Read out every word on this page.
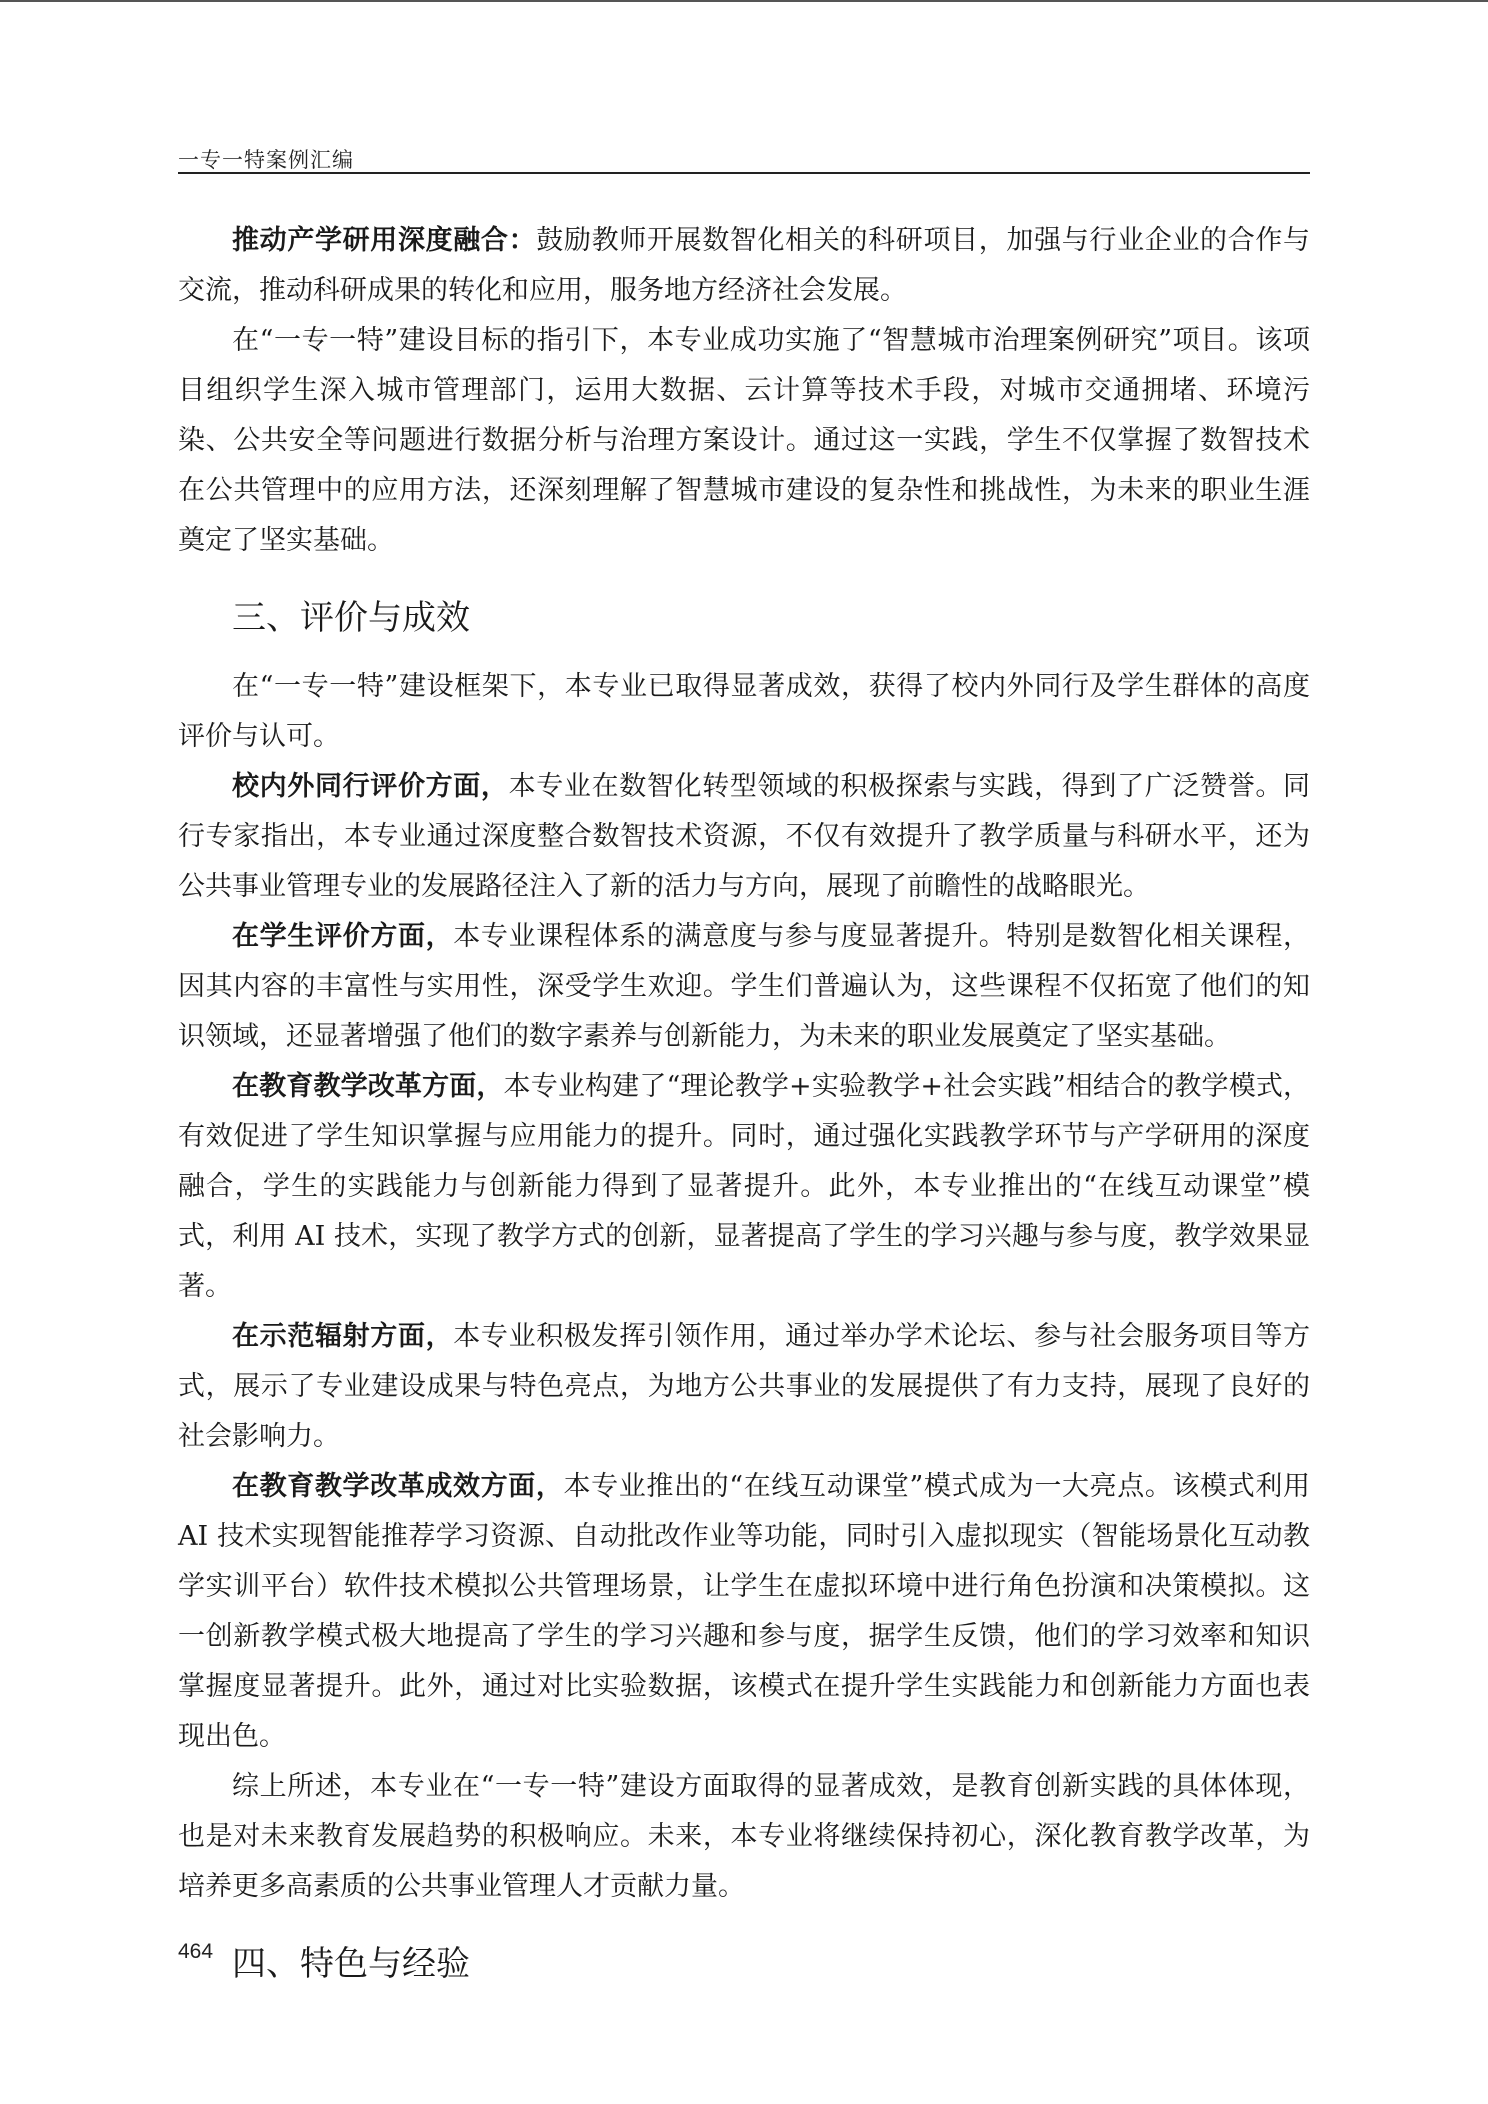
一专一特案例汇编

推动产学研用深度融合：鼓励教师开展数智化相关的科研项目，加强与行业企业的合作与交流，推动科研成果的转化和应用，服务地方经济社会发展。

在“一专一特”建设目标的指引下，本专业成功实施了“智慧城市治理案例研究”项目。该项目组织学生深入城市管理部门，运用大数据、云计算等技术手段，对城市交通拥堵、环境污染、公共安全等问题进行数据分析与治理方案设计。通过这一实践，学生不仅掌握了数智技术在公共管理中的应用方法，还深刻理解了智慧城市建设的复杂性和挑战性，为未来的职业生涯奠定了坚实基础。

三、评价与成效

在“一专一特”建设框架下，本专业已取得显著成效，获得了校内外同行及学生群体的高度评价与认可。

校内外同行评价方面，本专业在数智化转型领域的积极探索与实践，得到了广泛赞誉。同行专家指出，本专业通过深度整合数智技术资源，不仅有效提升了教学质量与科研水平，还为公共事业管理专业的发展路径注入了新的活力与方向，展现了前瞻性的战略眼光。

在学生评价方面，本专业课程体系的满意度与参与度显著提升。特别是数智化相关课程，因其内容的丰富性与实用性，深受学生欢迎。学生们普遍认为，这些课程不仅拓宽了他们的知识领域，还显著增强了他们的数字素养与创新能力，为未来的职业发展奠定了坚实基础。

在教育教学改革方面，本专业构建了“理论教学+实验教学+社会实践”相结合的教学模式，有效促进了学生知识掌握与应用能力的提升。同时，通过强化实践教学环节与产学研用的深度融合，学生的实践能力与创新能力得到了显著提升。此外，本专业推出的“在线互动课堂”模式，利用 AI 技术，实现了教学方式的创新，显著提高了学生的学习兴趣与参与度，教学效果显著。

在示范辐射方面，本专业积极发挥引领作用，通过举办学术论坛、参与社会服务项目等方式，展示了专业建设成果与特色亮点，为地方公共事业的发展提供了有力支持，展现了良好的社会影响力。

在教育教学改革成效方面，本专业推出的“在线互动课堂”模式成为一大亮点。该模式利用 AI 技术实现智能推荐学习资源、自动批改作业等功能，同时引入虚拟现实（智能场景化互动教学实训平台）软件技术模拟公共管理场景，让学生在虚拟环境中进行角色扮演和决策模拟。这一创新教学模式极大地提高了学生的学习兴趣和参与度，据学生反馈，他们的学习效率和知识掌握度显著提升。此外，通过对比实验数据，该模式在提升学生实践能力和创新能力方面也表现出色。

综上所述，本专业在“一专一特”建设方面取得的显著成效，是教育创新实践的具体体现，也是对未来教育发展趋势的积极响应。未来，本专业将继续保持初心，深化教育教学改革，为培养更多高素质的公共事业管理人才贡献力量。

四、特色与经验
464
